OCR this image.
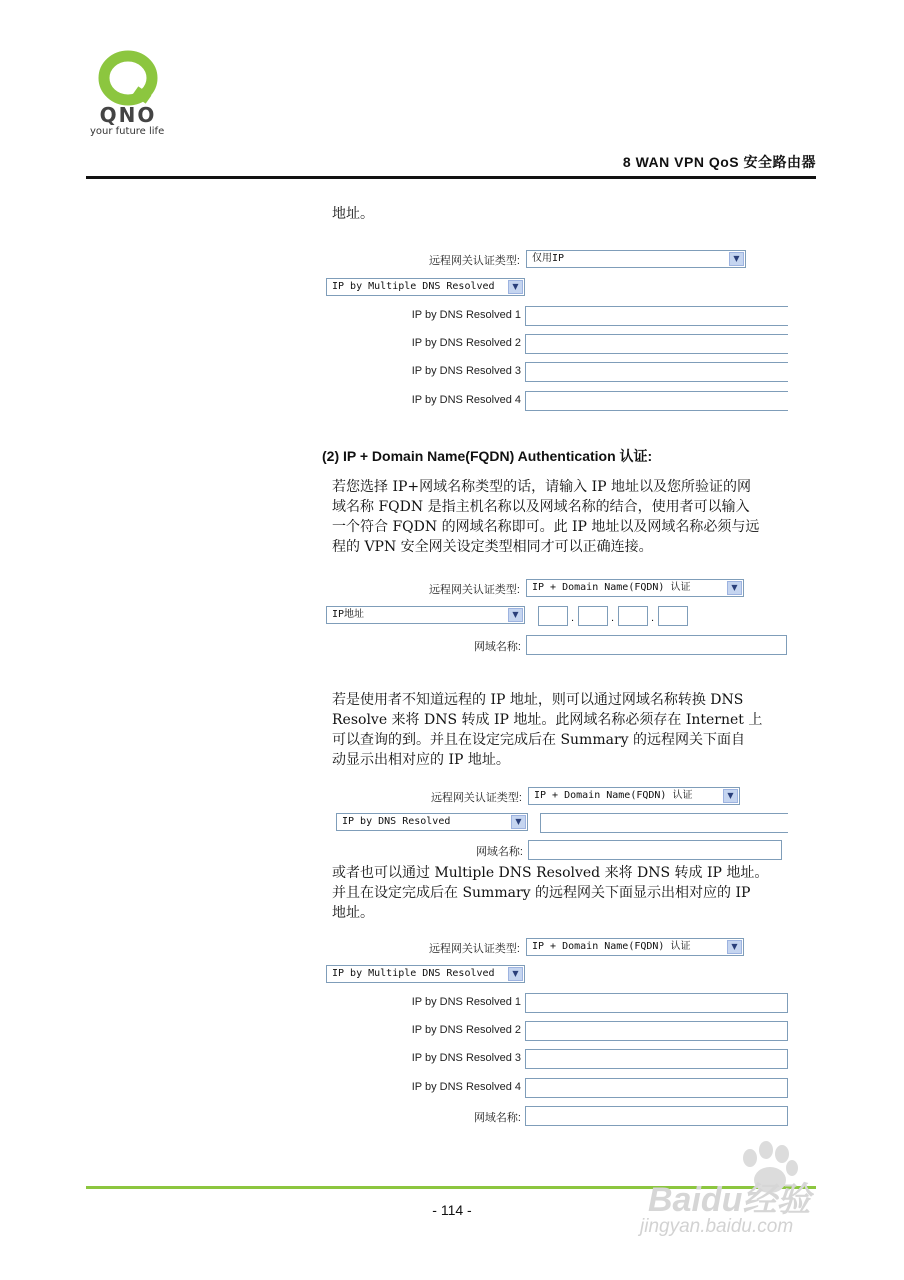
QNO
your future life
8 WAN VPN QoS 安全路由器
地址。
远程网关认证类型:	仅用IP	▼
IP by Multiple DNS Resolved	▼
IP by DNS Resolved 1
IP by DNS Resolved 2
IP by DNS Resolved 3
IP by DNS Resolved 4
(2) IP + Domain Name(FQDN) Authentication 认证:
若您选择 IP+网域名称类型的话，请输入 IP 地址以及您所验证的网
域名称 FQDN 是指主机名称以及网域名称的结合，使用者可以输入
一个符合 FQDN 的网域名称即可。此 IP 地址以及网域名称必须与远
程的 VPN 安全网关设定类型相同才可以正确连接。
远程网关认证类型:	IP + Domain Name(FQDN) 认证	▼
IP地址	▼	.	.	.
网域名称:
若是使用者不知道远程的 IP 地址，则可以通过网域名称转换 DNS
Resolve 来将 DNS 转成 IP 地址。此网域名称必须存在 Internet 上
可以查询的到。并且在设定完成后在 Summary 的远程网关下面自
动显示出相对应的 IP 地址。
远程网关认证类型:	IP + Domain Name(FQDN) 认证	▼
IP by DNS Resolved	▼
网域名称:
或者也可以通过 Multiple DNS Resolved 来将 DNS 转成 IP 地址。
并且在设定完成后在 Summary 的远程网关下面显示出相对应的 IP
地址。
远程网关认证类型:	IP + Domain Name(FQDN) 认证	▼
IP by Multiple DNS Resolved	▼
IP by DNS Resolved 1
IP by DNS Resolved 2
IP by DNS Resolved 3
IP by DNS Resolved 4
网域名称:
- 114 -	Baidu经验
jingyan.baidu.com
